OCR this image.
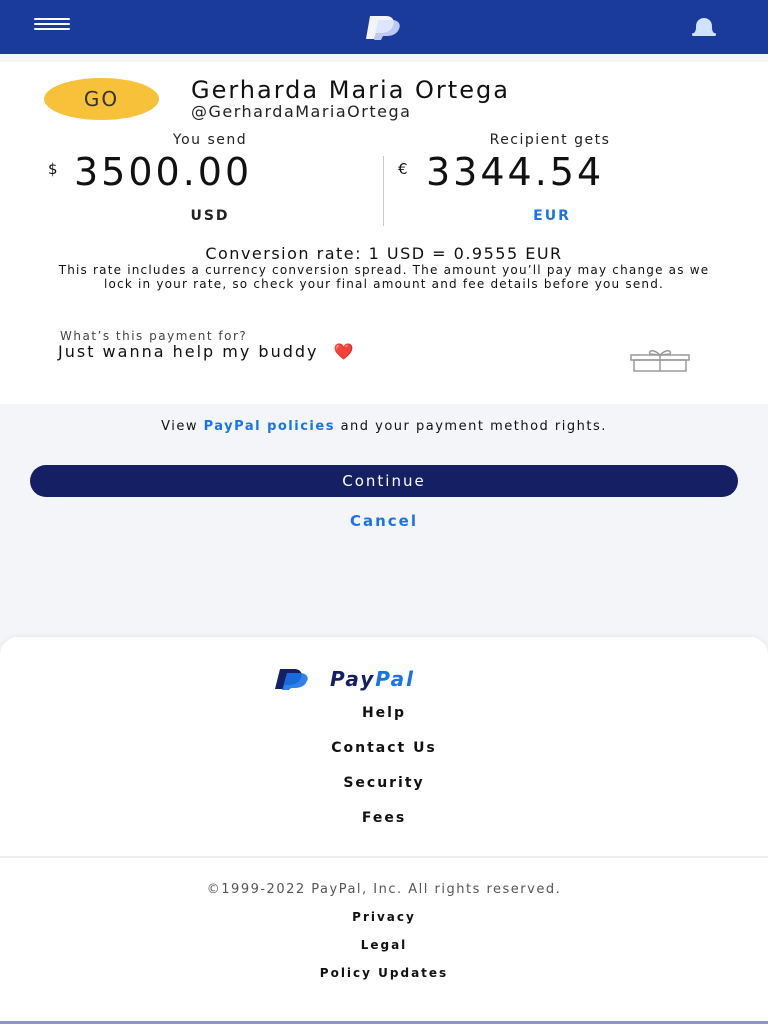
GO	Gerharda Maria Ortega
@GerhardaMariaOrtega
You send	Recipient gets
$ 3500.00	€ 3344.54
USD	EUR
Conversion rate: 1 USD = 0.9555 EUR
This rate includes a currency conversion spread. The amount you’ll pay may change as we lock in your rate, so check your final amount and fee details before you send.
What’s this payment for?
Just wanna help my buddy ❤️
View PayPal policies and your payment method rights.
Continue
Cancel
PayPal
Help
Contact Us
Security
Fees
©1999-2022 PayPal, Inc. All rights reserved.
Privacy
Legal
Policy Updates
